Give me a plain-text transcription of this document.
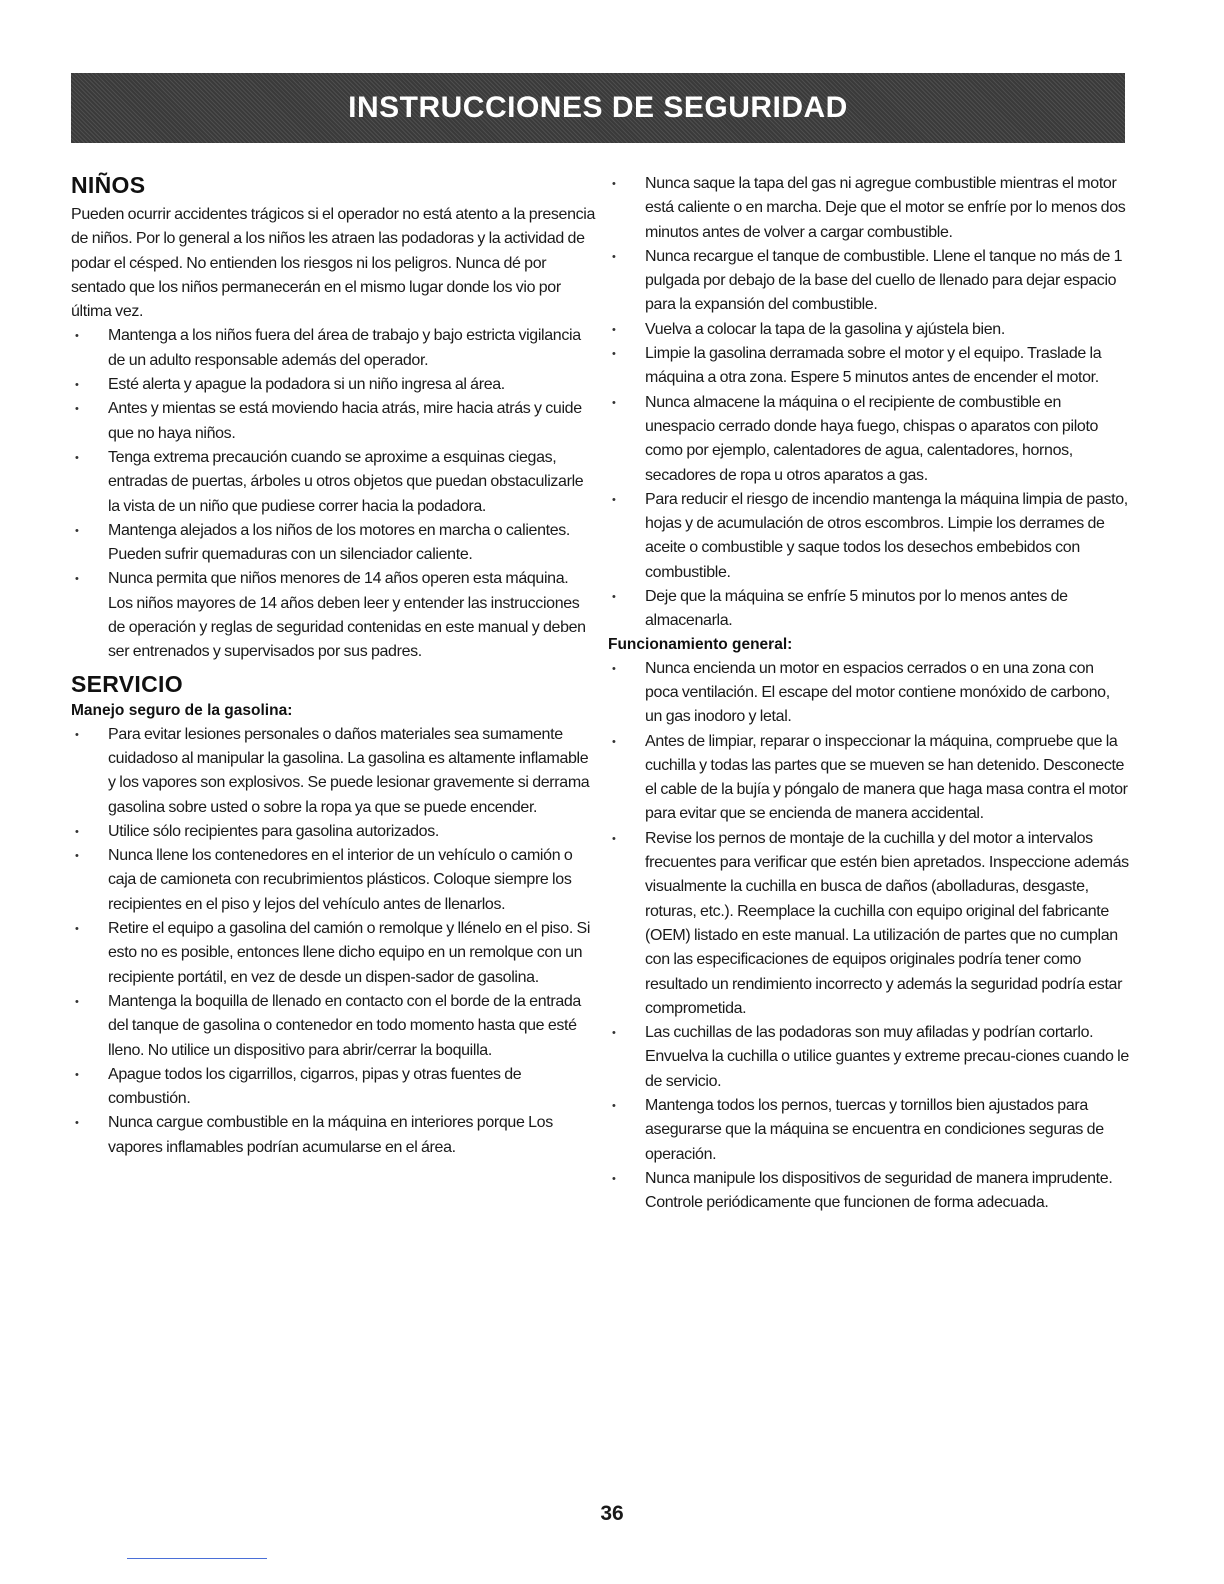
INSTRUCCIONES DE SEGURIDAD
NIÑOS

Pueden ocurrir accidentes trágicos si el operador no está atento a la presencia de niños. Por lo general a los niños les atraen las podadoras y la actividad de podar el césped. No entienden los riesgos ni los peligros. Nunca dé por sentado que los niños permanecerán en el mismo lugar donde los vio por última vez.

• Mantenga a los niños fuera del área de trabajo y bajo estricta vigilancia de un adulto responsable además del operador.
• Esté alerta y apague la podadora si un niño ingresa al área.
• Antes y mientas se está moviendo hacia atrás, mire hacia atrás y cuide que no haya niños.
• Tenga extrema precaución cuando se aproxime a esquinas ciegas, entradas de puertas, árboles u otros objetos que puedan obstaculizarle la vista de un niño que pudiese correr hacia la podadora.
• Mantenga alejados a los niños de los motores en marcha o calientes. Pueden sufrir quemaduras con un silenciador caliente.
• Nunca permita que niños menores de 14 años operen esta máquina. Los niños mayores de 14 años deben leer y entender las instrucciones de operación y reglas de seguridad contenidas en este manual y deben ser entrenados y supervisados por sus padres.
SERVICIO
Manejo seguro de la gasolina:
• Para evitar lesiones personales o daños materiales sea sumamente cuidadoso al manipular la gasolina. La gasolina es altamente inflamable y los vapores son explosivos. Se puede lesionar gravemente si derrama gasolina sobre usted o sobre la ropa ya que se puede encender.
• Utilice sólo recipientes para gasolina autorizados.
• Nunca llene los contenedores en el interior de un vehículo o camión o caja de camioneta con recubrimientos plásticos. Coloque siempre los recipientes en el piso y lejos del vehículo antes de llenarlos.
• Retire el equipo a gasolina del camión o remolque y llénelo en el piso. Si esto no es posible, entonces llene dicho equipo en un remolque con un recipiente portátil, en vez de desde un dispen-sador de gasolina.
• Mantenga la boquilla de llenado en contacto con el borde de la entrada del tanque de gasolina o contenedor en todo momento hasta que esté lleno. No utilice un dispositivo para abrir/cerrar la boquilla.
• Apague todos los cigarrillos, cigarros, pipas y otras fuentes de combustión.
• Nunca cargue combustible en la máquina en interiores porque Los vapores inflamables podrían acumularse en el área.
• Nunca saque la tapa del gas ni agregue combustible mientras el motor está caliente o en marcha. Deje que el motor se enfríe por lo menos dos minutos antes de volver a cargar combustible.
• Nunca recargue el tanque de combustible. Llene el tanque no más de 1 pulgada por debajo de la base del cuello de llenado para dejar espacio para la expansión del combustible.
• Vuelva a colocar la tapa de la gasolina y ajústela bien.
• Limpie la gasolina derramada sobre el motor y el equipo. Traslade la máquina a otra zona. Espere 5 minutos antes de encender el motor.
• Nunca almacene la máquina o el recipiente de combustible en unespacio cerrado donde haya fuego, chispas o aparatos con piloto como por ejemplo, calentadores de agua, calentadores, hornos, secadores de ropa u otros aparatos a gas.
• Para reducir el riesgo de incendio mantenga la máquina limpia de pasto, hojas y de acumulación de otros escombros. Limpie los derrames de aceite o combustible y saque todos los desechos embebidos con combustible.
• Deje que la máquina se enfríe 5 minutos por lo menos antes de almacenarla.
Funcionamiento general:
• Nunca encienda un motor en espacios cerrados o en una zona con poca ventilación. El escape del motor contiene monóxido de carbono, un gas inodoro y letal.
• Antes de limpiar, reparar o inspeccionar la máquina, compruebe que la cuchilla y todas las partes que se mueven se han detenido. Desconecte el cable de la bujía y póngalo de manera que haga masa contra el motor para evitar que se encienda de manera accidental.
• Revise los pernos de montaje de la cuchilla y del motor a intervalos frecuentes para verificar que estén bien apretados. Inspeccione además visualmente la cuchilla en busca de daños (abolladuras, desgaste, roturas, etc.). Reemplace la cuchilla con equipo original del fabricante (OEM) listado en este manual. La utilización de partes que no cumplan con las especificaciones de equipos originales podría tener como resultado un rendimiento incorrecto y además la seguridad podría estar comprometida.
• Las cuchillas de las podadoras son muy afiladas y podrían cortarlo. Envuelva la cuchilla o utilice guantes y extreme precau-ciones cuando le de servicio.
• Mantenga todos los pernos, tuercas y tornillos bien ajustados para asegurarse que la máquina se encuentra en condiciones seguras de operación.
• Nunca manipule los dispositivos de seguridad de manera imprudente. Controle periódicamente que funcionen de forma adecuada.
36
